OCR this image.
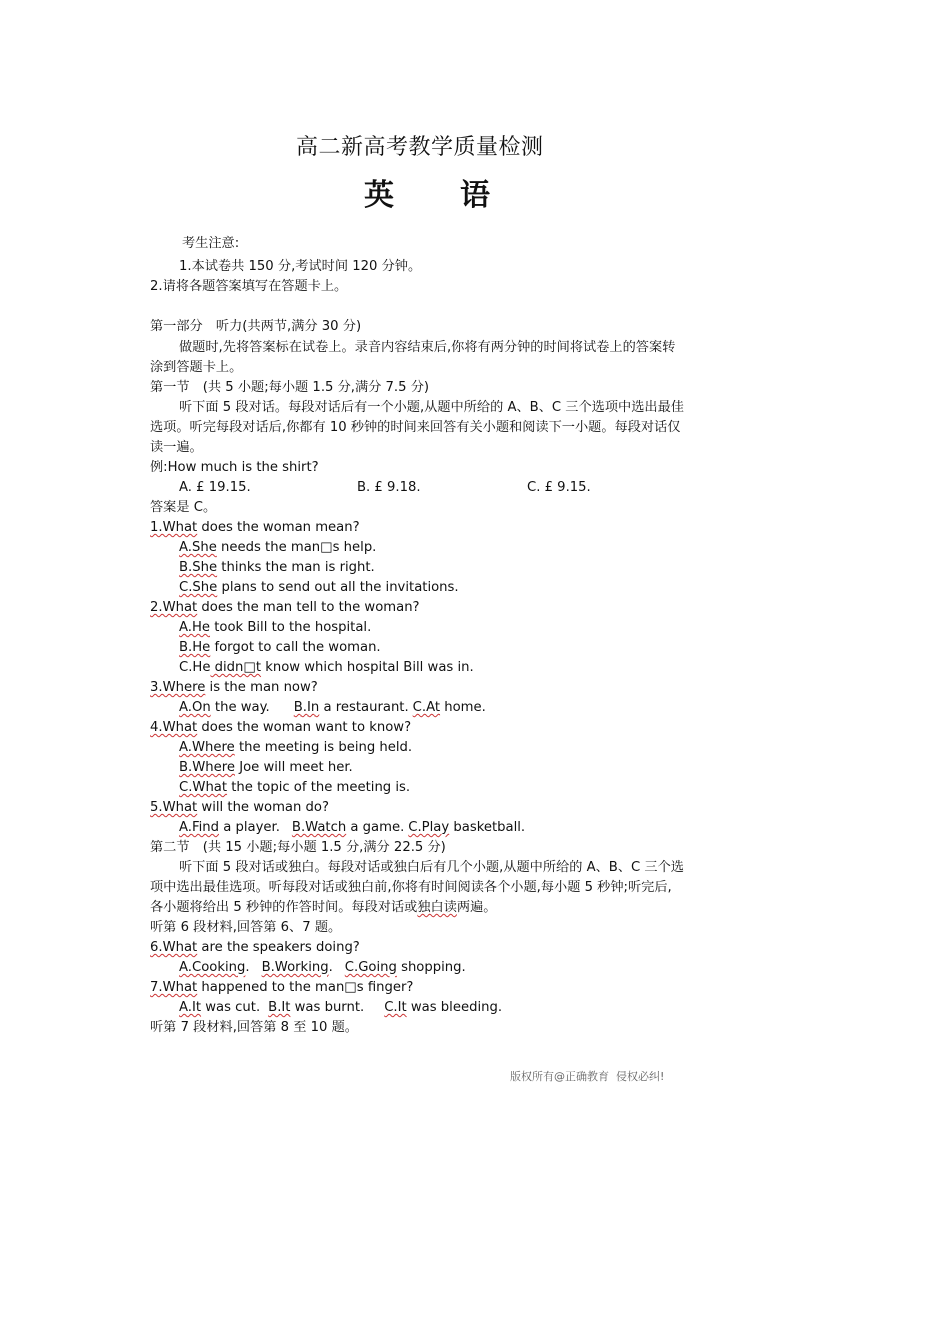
高二新高考教学质量检测
英 语
考生注意:
1.本试卷共 150 分,考试时间 120 分钟。
2.请将各题答案填写在答题卡上。
第一部分　听力(共两节,满分 30 分)
做题时,先将答案标在试卷上。录音内容结束后,你将有两分钟的时间将试卷上的答案转
涂到答题卡上。
第一节　(共 5 小题;每小题 1.5 分,满分 7.5 分)
听下面 5 段对话。每段对话后有一个小题,从题中所给的 A、B、C 三个选项中选出最佳
选项。听完每段对话后,你都有 10 秒钟的时间来回答有关小题和阅读下一小题。每段对话仅
读一遍。
例:How much is the shirt?
A. £ 19.15.	B. £ 9.18.	C. £ 9.15.
答案是 C。
1.What does the woman mean?
A.She needs the man□s help.
B.She thinks the man is right.
C.She plans to send out all the invitations.
2.What does the man tell to the woman?
A.He took Bill to the hospital.
B.He forgot to call the woman.
C.He didn□t know which hospital Bill was in.
3.Where is the man now?
A.On the way. B.In a restaurant. C.At home.
4.What does the woman want to know?
A.Where the meeting is being held.
B.Where Joe will meet her.
C.What the topic of the meeting is.
5.What will the woman do?
A.Find a player. B.Watch a game. C.Play basketball.
第二节　(共 15 小题;每小题 1.5 分,满分 22.5 分)
听下面 5 段对话或独白。每段对话或独白后有几个小题,从题中所给的 A、B、C 三个选
项中选出最佳选项。听每段对话或独白前,你将有时间阅读各个小题,每小题 5 秒钟;听完后,
各小题将给出 5 秒钟的作答时间。每段对话或独白读两遍。
听第 6 段材料,回答第 6、7 题。
6.What are the speakers doing?
A.Cooking. B.Working. C.Going shopping.
7.What happened to the man□s finger?
A.It was cut. B.It was burnt. C.It was bleeding.
听第 7 段材料,回答第 8 至 10 题。
版权所有@正确教育  侵权必纠!
